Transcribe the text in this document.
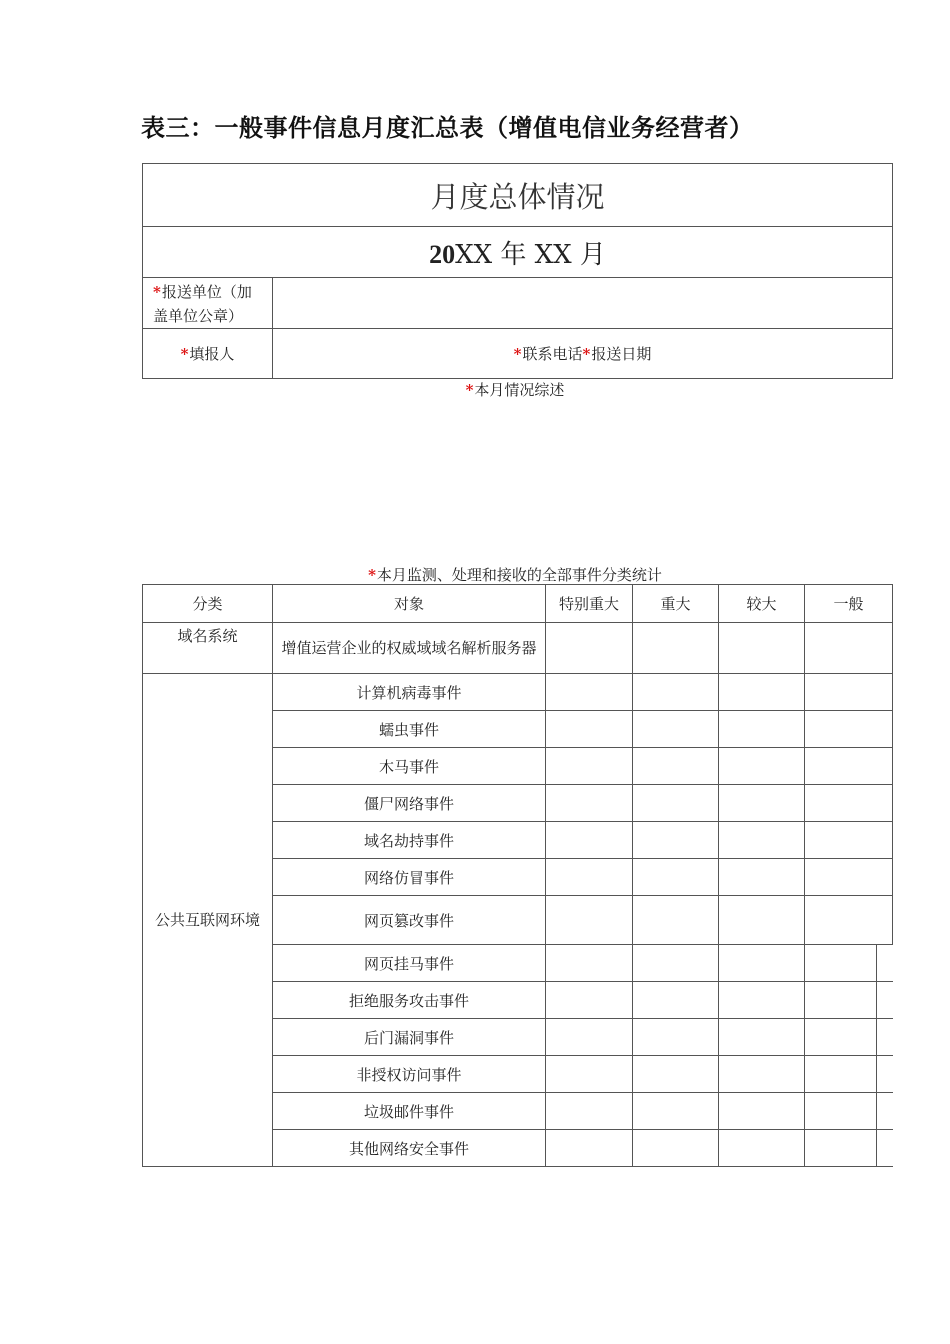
表三：一般事件信息月度汇总表（增值电信业务经营者）
月度总体情况	
20XX 年 XX 月	
*报送单位（加盖单位公章）	
*填报人	*联系电话*报送日期
*本月情况综述
*本月监测、处理和接收的全部事件分类统计
分类	对象	特别重大	重大	较大	一般
域名系统	增值运营企业的权威域域名解析服务器				

公共互联网环境	计算机病毒事件				
	蠕虫事件				
	木马事件				
	僵尸网络事件				
	域名劫持事件				
	网络仿冒事件				
	网页篡改事件				
	网页挂马事件				

	拒绝服务攻击事件				

	后门漏洞事件				

	非授权访问事件				

	垃圾邮件事件				

	其他网络安全事件				
